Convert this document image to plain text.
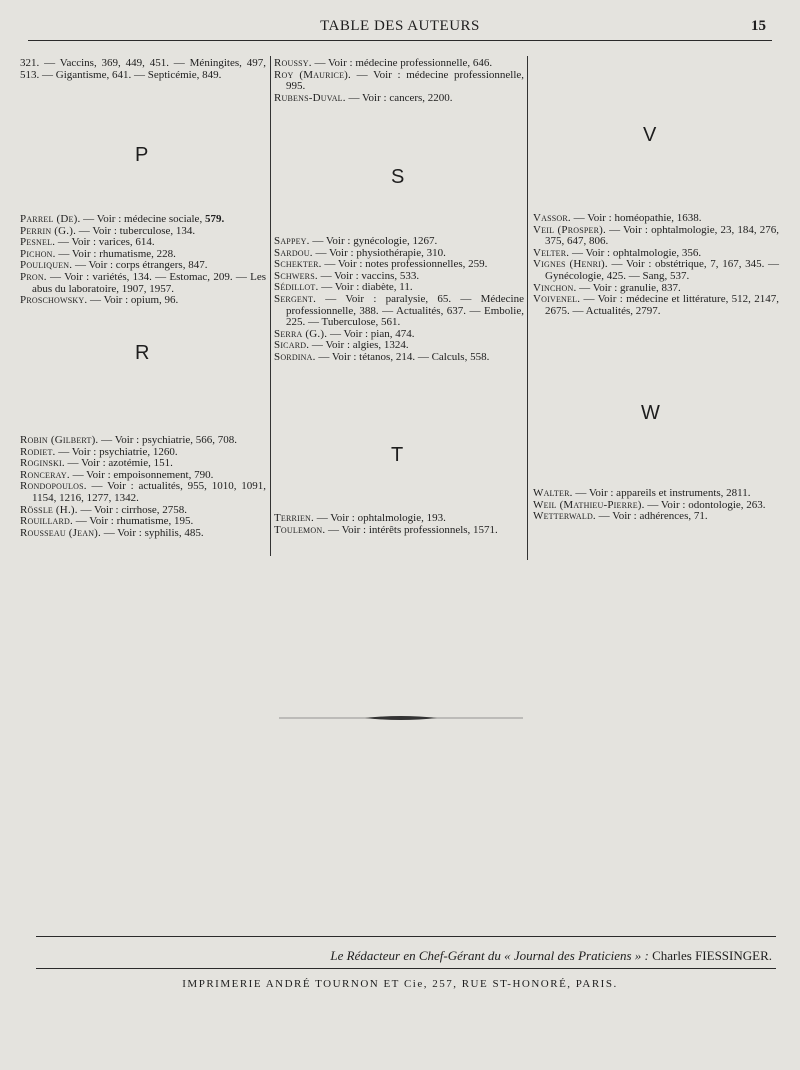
TABLE DES AUTEURS	15

321. — Vaccins, 369, 449, 451. — Méningites, 497, 513. — Gigantisme, 641. — Septicémie, 849.

P

Parrel (De). — Voir : médecine sociale, 579.

Perrin (G.). — Voir : tuberculose, 134.

Pesnel. — Voir : varices, 614.

Pichon. — Voir : rhumatisme, 228.

Pouliquen. — Voir : corps étrangers, 847.

Pron. — Voir : variétés, 134. — Estomac, 209. — Les abus du laboratoire, 1907, 1957.

Proschowsky. — Voir : opium, 96.

R

Robin (Gilbert). — Voir : psychiatrie, 566, 708.

Rodiet. — Voir : psychiatrie, 1260.

Roginski. — Voir : azotémie, 151.

Ronceray. — Voir : empoisonnement, 790.

Rondopoulos. — Voir : actualités, 955, 1010, 1091, 1154, 1216, 1277, 1342.

Rössle (H.). — Voir : cirrhose, 2758.

Rouillard. — Voir : rhumatisme, 195.

Rousseau (Jean). — Voir : syphilis, 485.

Roussy. — Voir : médecine professionnelle, 646.

Roy (Maurice). — Voir : médecine professionnelle, 995.

Rubens-Duval. — Voir : cancers, 2200.

S

Sappey. — Voir : gynécologie, 1267.

Sardou. — Voir : physiothérapie, 310.

Schekter. — Voir : notes professionnelles, 259.

Schwers. — Voir : vaccins, 533.

Sédillot. — Voir : diabète, 11.

Sergent. — Voir : paralysie, 65. — Médecine professionnelle, 388. — Actualités, 637. — Embolie, 225. — Tuberculose, 561.

Serra (G.). — Voir : pian, 474.

Sicard. — Voir : algies, 1324.

Sordina. — Voir : tétanos, 214. — Calculs, 558.

T

Terrien. — Voir : ophtalmologie, 193.

Toulemon. — Voir : intérêts professionnels, 1571.

V

Vassor. — Voir : homéopathie, 1638.

Veil (Prosper). — Voir : ophtalmologie, 23, 184, 276, 375, 647, 806.

Velter. — Voir : ophtalmologie, 356.

Vignes (Henri). — Voir : obstétrique, 7, 167, 345. — Gynécologie, 425. — Sang, 537.

Vinchon. — Voir : granulie, 837.

Voivenel. — Voir : médecine et littérature, 512, 2147, 2675. — Actualités, 2797.

W

Walter. — Voir : appareils et instruments, 2811.

Weil (Mathieu-Pierre). — Voir : odontologie, 263.

Wetterwald. — Voir : adhérences, 71.

Le Rédacteur en Chef-Gérant du « Journal des Praticiens » : Charles FIESSINGER.
IMPRIMERIE ANDRÉ TOURNON ET Cie, 257, RUE ST-HONORÉ, PARIS.
